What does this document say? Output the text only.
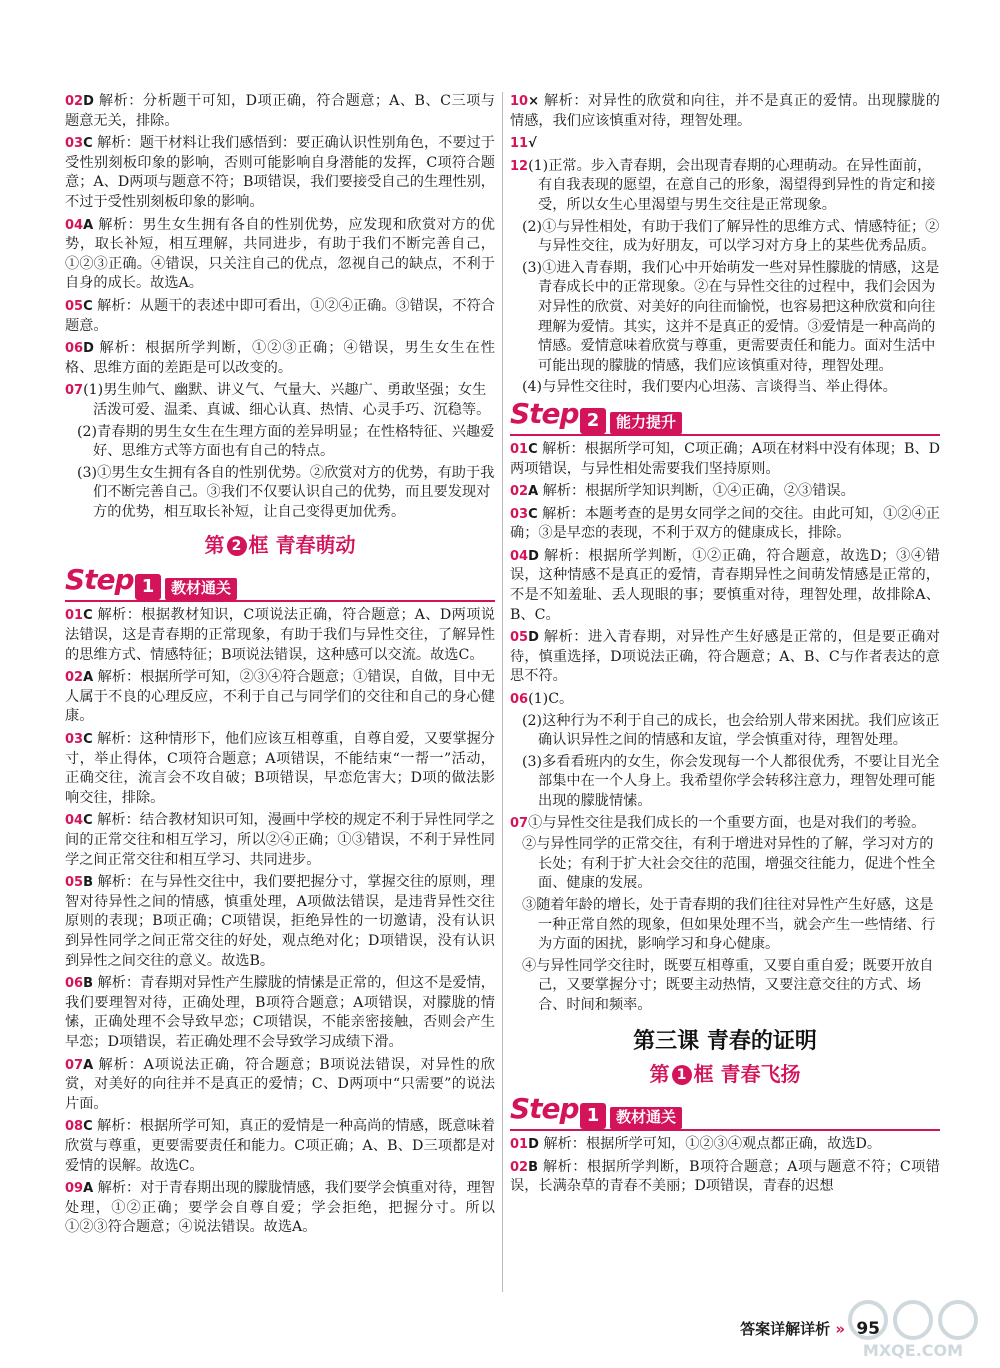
02D 解析：分析题干可知，D项正确，符合题意；A、B、C三项与题意无关，排除。

03C 解析：题干材料让我们感悟到：要正确认识性别角色，不要过于受性别刻板印象的影响，否则可能影响自身潜能的发挥，C项符合题意；A、D两项与题意不符；B项错误，我们要接受自己的生理性别，不过于受性别刻板印象的影响。

04A 解析：男生女生拥有各自的性别优势，应发现和欣赏对方的优势，取长补短，相互理解，共同进步，有助于我们不断完善自己，①②③正确。④错误，只关注自己的优点，忽视自己的缺点，不利于自身的成长。故选A。

05C 解析：从题干的表述中即可看出，①②④正确。③错误，不符合题意。

06D 解析：根据所学判断，①②③正确；④错误，男生女生在性格、思维方面的差距是可以改变的。

07(1)男生帅气、幽默、讲义气、气量大、兴趣广、勇敢坚强；女生活泼可爱、温柔、真诚、细心认真、热情、心灵手巧、沉稳等。

(2)青春期的男生女生在生理方面的差异明显；在性格特征、兴趣爱好、思维方式等方面也有自己的特点。

(3)①男生女生拥有各自的性别优势。②欣赏对方的优势，有助于我们不断完善自己。③我们不仅要认识自己的优势，而且要发现对方的优势，相互取长补短，让自己变得更加优秀。

第 2 框 青春萌动
Step 1	教材通关

01C 解析：根据教材知识，C项说法正确，符合题意；A、D两项说法错误，这是青春期的正常现象，有助于我们与异性交往，了解异性的思维方式、情感特征；B项说法错误，这种感可以交流。故选C。

02A 解析：根据所学可知，②③④符合题意；①错误，自做，目中无人属于不良的心理反应，不利于自己与同学们的交往和自己的身心健康。

03C 解析：这种情形下，他们应该互相尊重，自尊自爱，又要掌握分寸，举止得体，C项符合题意；A项错误，不能结束“一帮一”活动，正确交往，流言会不攻自破；B项错误，早恋危害大；D项的做法影响交往，排除。

04C 解析：结合教材知识可知，漫画中学校的规定不利于异性同学之间的正常交往和相互学习，所以②④正确；①③错误，不利于异性同学之间正常交往和相互学习、共同进步。

05B 解析：在与异性交往中，我们要把握分寸，掌握交往的原则，理智对待异性之间的情感，慎重处理，A项做法错误，是违背异性交往原则的表现；B项正确；C项错误，拒绝异性的一切邀请，没有认识到异性同学之间正常交往的好处，观点绝对化；D项错误，没有认识到异性之间交往的意义。故选B。

06B 解析：青春期对异性产生朦胧的情愫是正常的，但这不是爱情，我们要理智对待，正确处理，B项符合题意；A项错误，对朦胧的情愫，正确处理不会导致早恋；C项错误，不能亲密接触，否则会产生早恋；D项错误，若正确处理不会导致学习成绩下滑。

07A 解析：A项说法正确，符合题意；B项说法错误，对异性的欣赏，对美好的向往并不是真正的爱情；C、D两项中“只需要”的说法片面。

08C 解析：根据所学可知，真正的爱情是一种高尚的情感，既意味着欣赏与尊重，更要需要责任和能力。C项正确；A、B、D三项都是对爱情的误解。故选C。

09A 解析：对于青春期出现的朦胧情感，我们要学会慎重对待，理智处理，①②正确；要学会自尊自爱；学会拒绝，把握分寸。所以①②③符合题意；④说法错误。故选A。

10× 解析：对异性的欣赏和向往，并不是真正的爱情。出现朦胧的情感，我们应该慎重对待，理智处理。

11√

12(1)正常。步入青春期，会出现青春期的心理萌动。在异性面前，有自我表现的愿望，在意自己的形象，渴望得到异性的肯定和接受，所以女生心里渴望与男生交往是正常现象。

(2)①与异性相处，有助于我们了解异性的思维方式、情感特征；②与异性交往，成为好朋友，可以学习对方身上的某些优秀品质。

(3)①进入青春期，我们心中开始萌发一些对异性朦胧的情感，这是青春成长中的正常现象。②在与异性交往的过程中，我们会因为对异性的欣赏、对美好的向往而愉悦，也容易把这种欣赏和向往理解为爱情。其实，这并不是真正的爱情。③爱情是一种高尚的情感。爱情意味着欣赏与尊重，更需要责任和能力。面对生活中可能出现的朦胧的情感，我们应该慎重对待，理智处理。

(4)与异性交往时，我们要内心坦荡、言谈得当、举止得体。

Step 2	能力提升

01C 解析：根据所学可知，C项正确；A项在材料中没有体现；B、D两项错误，与异性相处需要我们坚持原则。

02A 解析：根据所学知识判断，①④正确，②③错误。

03C 解析：本题考查的是男女同学之间的交往。由此可知，①②④正确；③是早恋的表现，不利于双方的健康成长，排除。

04D 解析：根据所学判断，①②正确，符合题意，故选D；③④错误，这种情感不是真正的爱情，青春期异性之间萌发情感是正常的，不是不知羞耻、丢人现眼的事；要慎重对待，理智处理，故排除A、B、C。

05D 解析：进入青春期，对异性产生好感是正常的，但是要正确对待，慎重选择，D项说法正确，符合题意；A、B、C与作者表达的意思不符。

06(1)C。

(2)这种行为不利于自己的成长，也会给别人带来困扰。我们应该正确认识异性之间的情感和友谊，学会慎重对待，理智处理。

(3)多看看班内的女生，你会发现每一个人都很优秀，不要让目光全部集中在一个人身上。我希望你学会转移注意力，理智处理可能出现的朦胧情愫。

07①与异性交往是我们成长的一个重要方面，也是对我们的考验。

②与异性同学的正常交往，有利于增进对异性的了解，学习对方的长处；有利于扩大社会交往的范围，增强交往能力，促进个性全面、健康的发展。

③随着年龄的增长，处于青春期的我们往往对异性产生好感，这是一种正常自然的现象，但如果处理不当，就会产生一些情绪、行为方面的困扰，影响学习和身心健康。

④与异性同学交往时，既要互相尊重，又要自重自爱；既要开放自己，又要掌握分寸；既要主动热情，又要注意交往的方式、场合、时间和频率。

第三课 青春的证明
第 1 框 青春飞扬
Step 1	教材通关

01D 解析：根据所学可知，①②③④观点都正确，故选D。

02B 解析：根据所学判断，B项符合题意；A项与题意不符；C项错误，长满杂草的青春不美丽；D项错误，青春的迟想

答案详解详析 » 95
MXQE.COM
